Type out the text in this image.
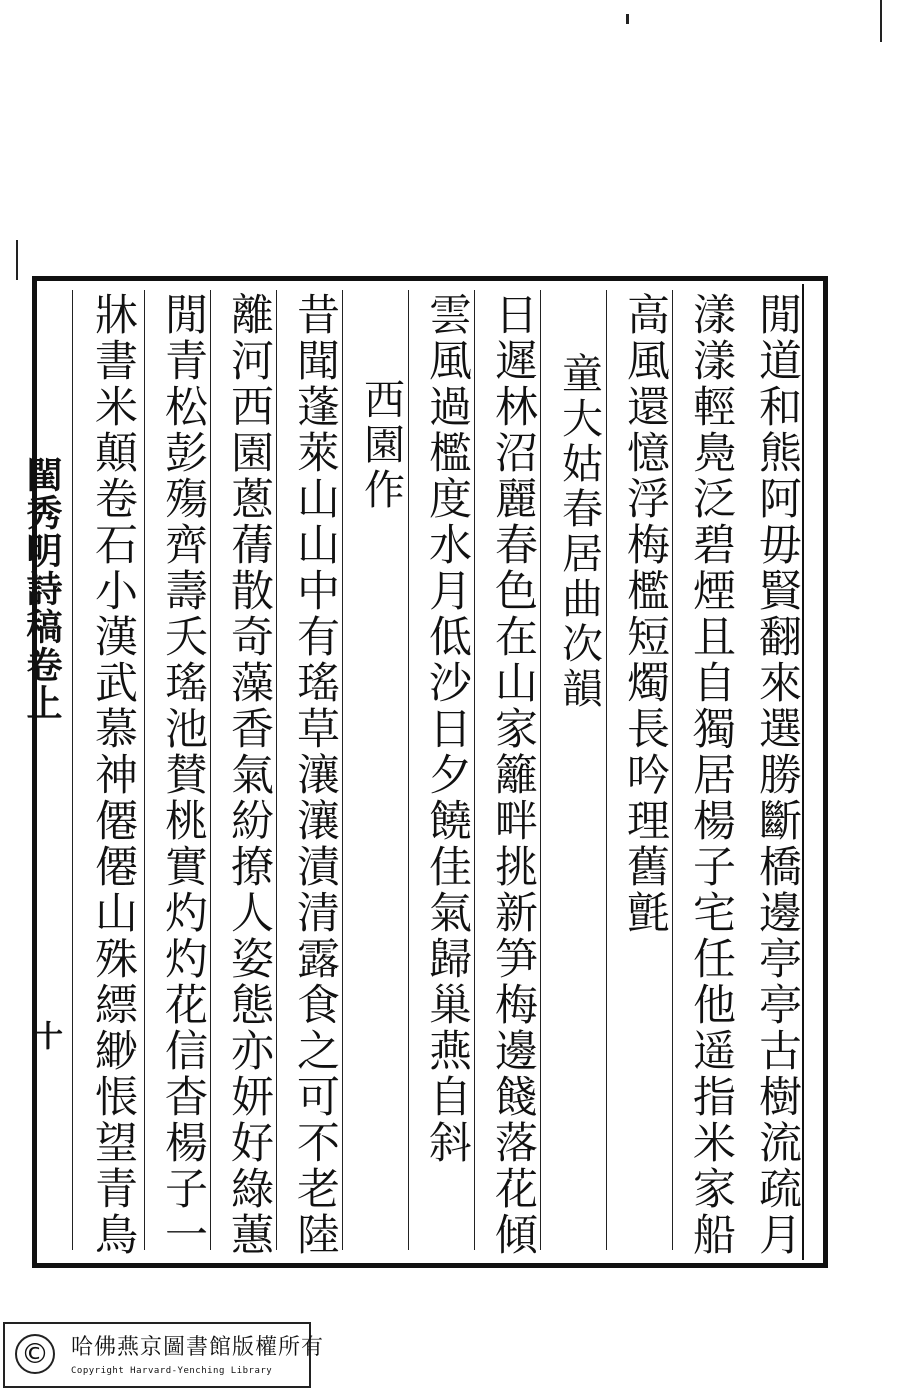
閨秀明詩稿卷上
十	閒道和熊阿毋賢翻來選勝斷橋邊亭亭古樹流疏月
漾漾輕鳧泛碧煙且自獨居楊子宅任他遥指米家船
高風還憶浮梅檻短燭長吟理舊氈
童大姑春居曲次韻
日遲林沼麗春色在山家籬畔挑新笋梅邊餞落花傾
雲風過檻度水月低沙日夕饒佳氣歸巢燕自斜
西園作
昔聞蓬萊山山中有瑤草瀼瀼漬清露食之可不老陸
離河西園蔥蒨散奇藻香氣紛撩人姿態亦妍好綠蕙
閒青松彭殤齊壽夭瑤池賛桃實灼灼花信杳楊子一
牀書米顛卷石小漢武慕神僊僊山殊縹緲悵望青鳥
© 哈佛燕京圖書館版權所有
Copyright Harvard-Yenching Library
